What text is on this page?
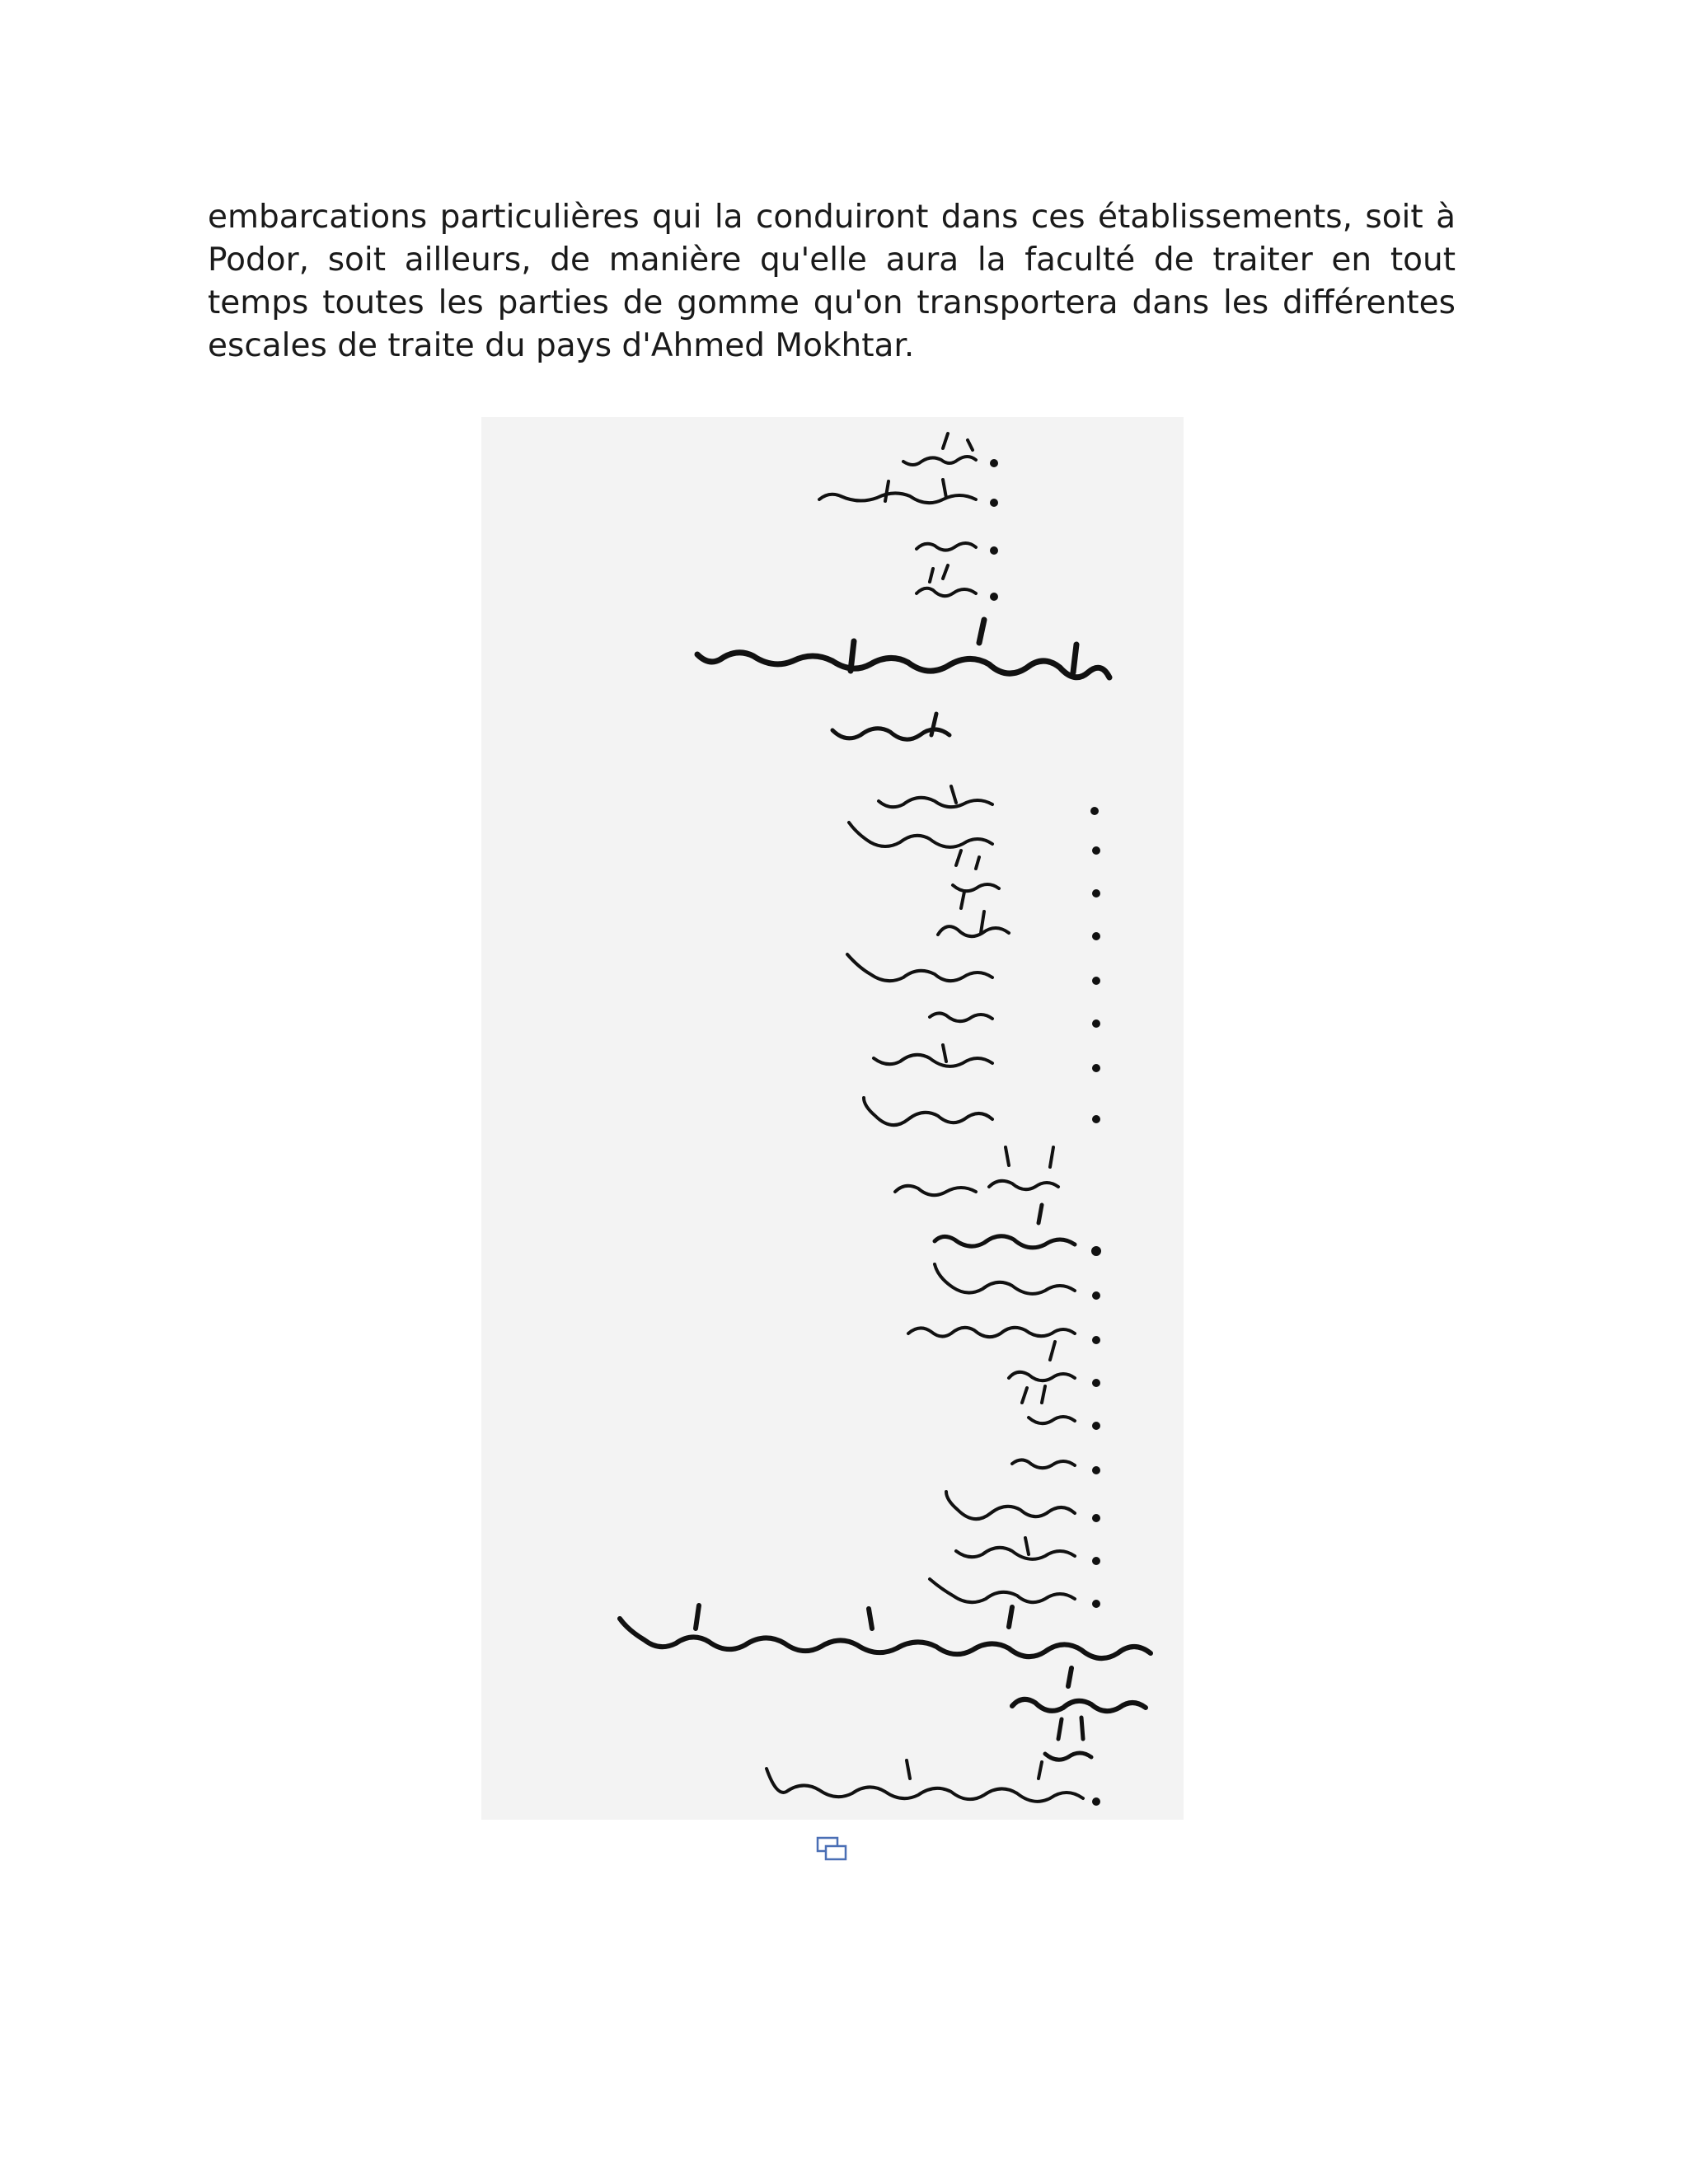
embarcations particulières qui la conduiront dans ces établissements, soit à Podor, soit ailleurs, de manière qu'elle aura la faculté de traiter en tout temps toutes les parties de gomme qu'on transportera dans les différentes escales de traite du pays d'Ahmed Mokhtar.
